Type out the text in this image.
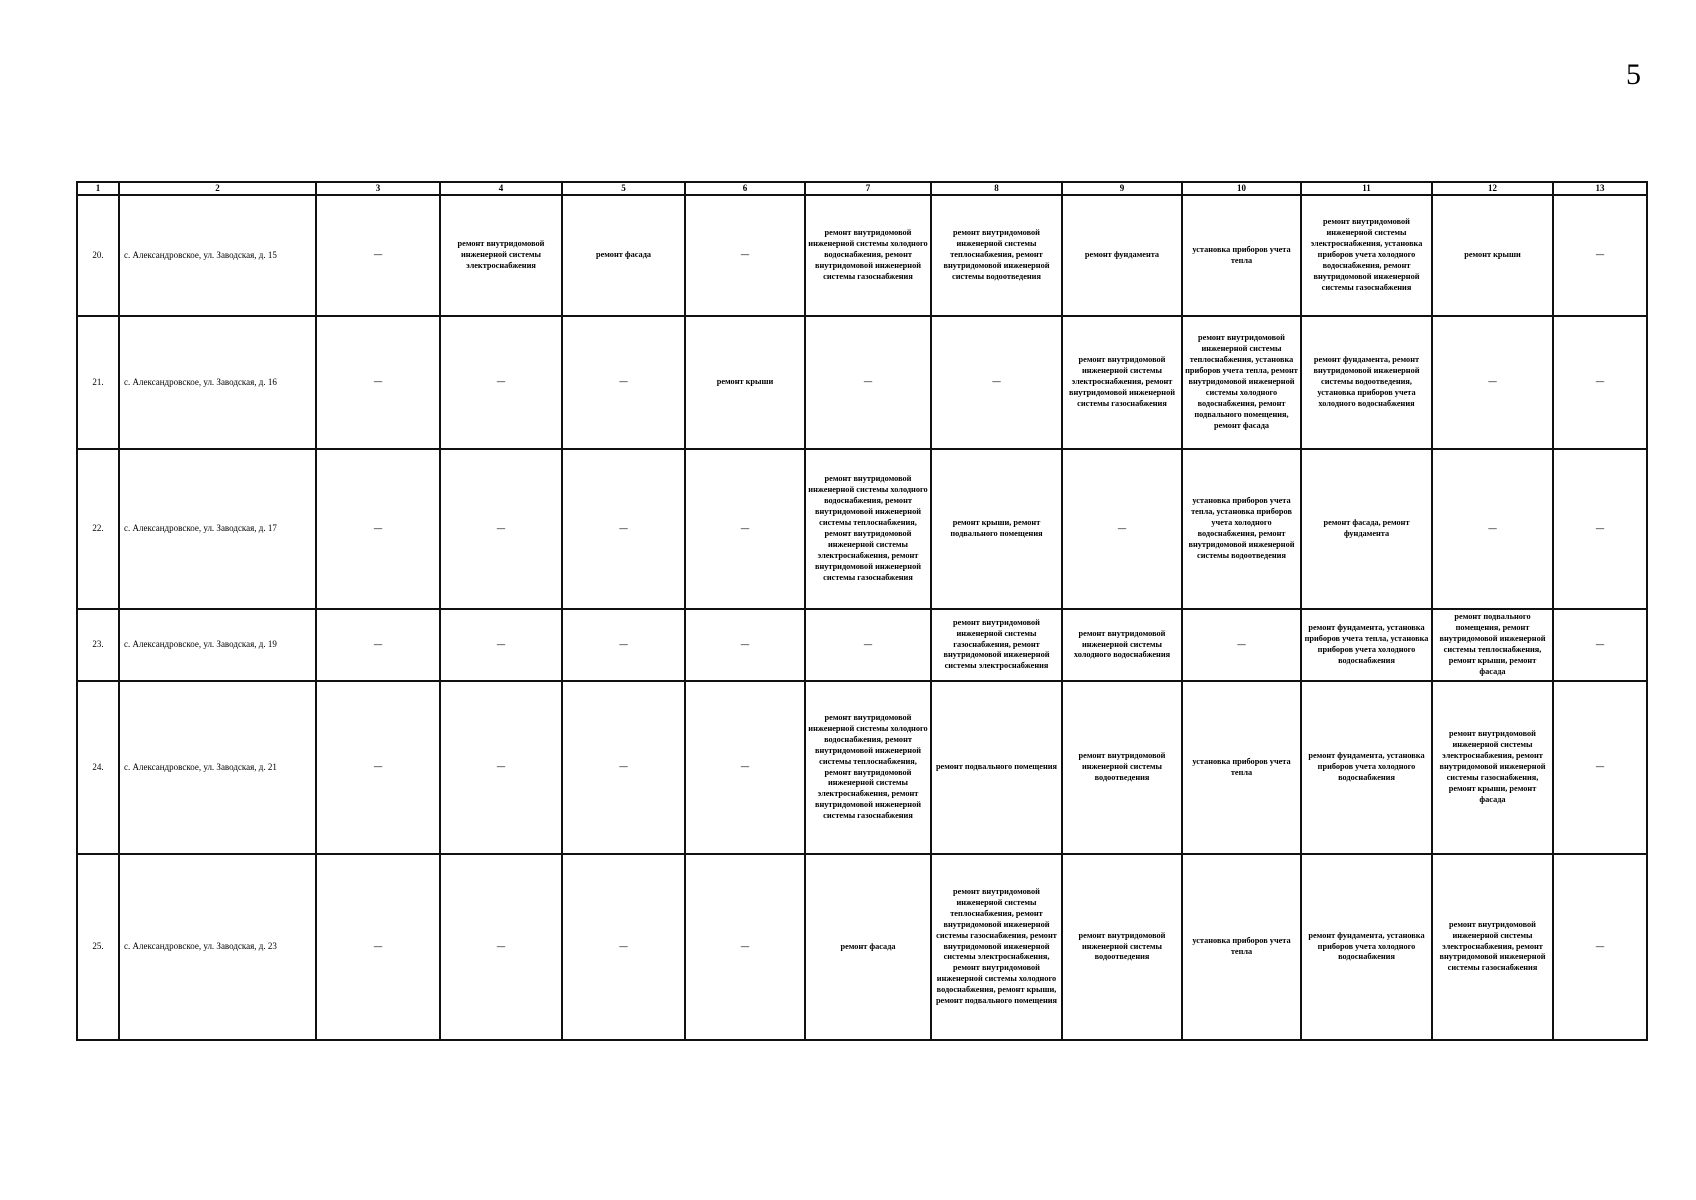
5
1	2	3	4	5	6	7	8	9	10	11	12	13
20.	с. Александровское, ул. Заводская, д. 15	—	ремонт внутридомовой инженерной системы электроснабжения	ремонт фасада	—	ремонт внутридомовой инженерной системы холодного водоснабжения, ремонт внутридомовой инженерной системы газоснабжения	ремонт внутридомовой инженерной системы теплоснабжения, ремонт внутридомовой инженерной системы водоотведения	ремонт фундамента	установка приборов учета тепла	ремонт внутридомовой инженерной системы электроснабжения, установка приборов учета холодного водоснабжения, ремонт внутридомовой инженерной системы газоснабжения	ремонт крыши	—
21.	с. Александровское, ул. Заводская, д. 16	—	—	—	ремонт крыши	—	—	ремонт внутридомовой инженерной системы электроснабжения, ремонт внутридомовой инженерной системы газоснабжения	ремонт внутридомовой инженерной системы теплоснабжения, установка приборов учета тепла, ремонт внутридомовой инженерной системы холодного водоснабжения, ремонт подвального помещения, ремонт фасада	ремонт фундамента, ремонт внутридомовой инженерной системы водоотведения, установка приборов учета холодного водоснабжения	—	—
22.	с. Александровское, ул. Заводская, д. 17	—	—	—	—	ремонт внутридомовой инженерной системы холодного водоснабжения, ремонт внутридомовой инженерной системы теплоснабжения, ремонт внутридомовой инженерной системы электроснабжения, ремонт внутридомовой инженерной системы газоснабжения	ремонт крыши, ремонт подвального помещения	—	установка приборов учета тепла, установка приборов учета холодного водоснабжения, ремонт внутридомовой инженерной системы водоотведения	ремонт фасада, ремонт фундамента	—	—
23.	с. Александровское, ул. Заводская, д. 19	—	—	—	—	—	ремонт внутридомовой инженерной системы газоснабжения, ремонт внутридомовой инженерной системы электроснабжения	ремонт внутридомовой инженерной системы холодного водоснабжения	—	ремонт фундамента, установка приборов учета тепла, установка приборов учета холодного водоснабжения	ремонт подвального помещения, ремонт внутридомовой инженерной системы теплоснабжения, ремонт крыши, ремонт фасада	—
24.	с. Александровское, ул. Заводская, д. 21	—	—	—	—	ремонт внутридомовой инженерной системы холодного водоснабжения, ремонт внутридомовой инженерной системы теплоснабжения, ремонт внутридомовой инженерной системы электроснабжения, ремонт внутридомовой инженерной системы газоснабжения	ремонт подвального помещения	ремонт внутридомовой инженерной системы водоотведения	установка приборов учета тепла	ремонт фундамента, установка приборов учета холодного водоснабжения	ремонт внутридомовой инженерной системы электроснабжения, ремонт внутридомовой инженерной системы газоснабжения, ремонт крыши, ремонт фасада	—
25.	с. Александровское, ул. Заводская, д. 23	—	—	—	—	ремонт фасада	ремонт внутридомовой инженерной системы теплоснабжения, ремонт внутридомовой инженерной системы газоснабжения, ремонт внутридомовой инженерной системы электроснабжения, ремонт внутридомовой инженерной системы холодного водоснабжения, ремонт крыши, ремонт подвального помещения	ремонт внутридомовой инженерной системы водоотведения	установка приборов учета тепла	ремонт фундамента, установка приборов учета холодного водоснабжения	ремонт внутридомовой инженерной системы электроснабжения, ремонт внутридомовой инженерной системы газоснабжения	—
